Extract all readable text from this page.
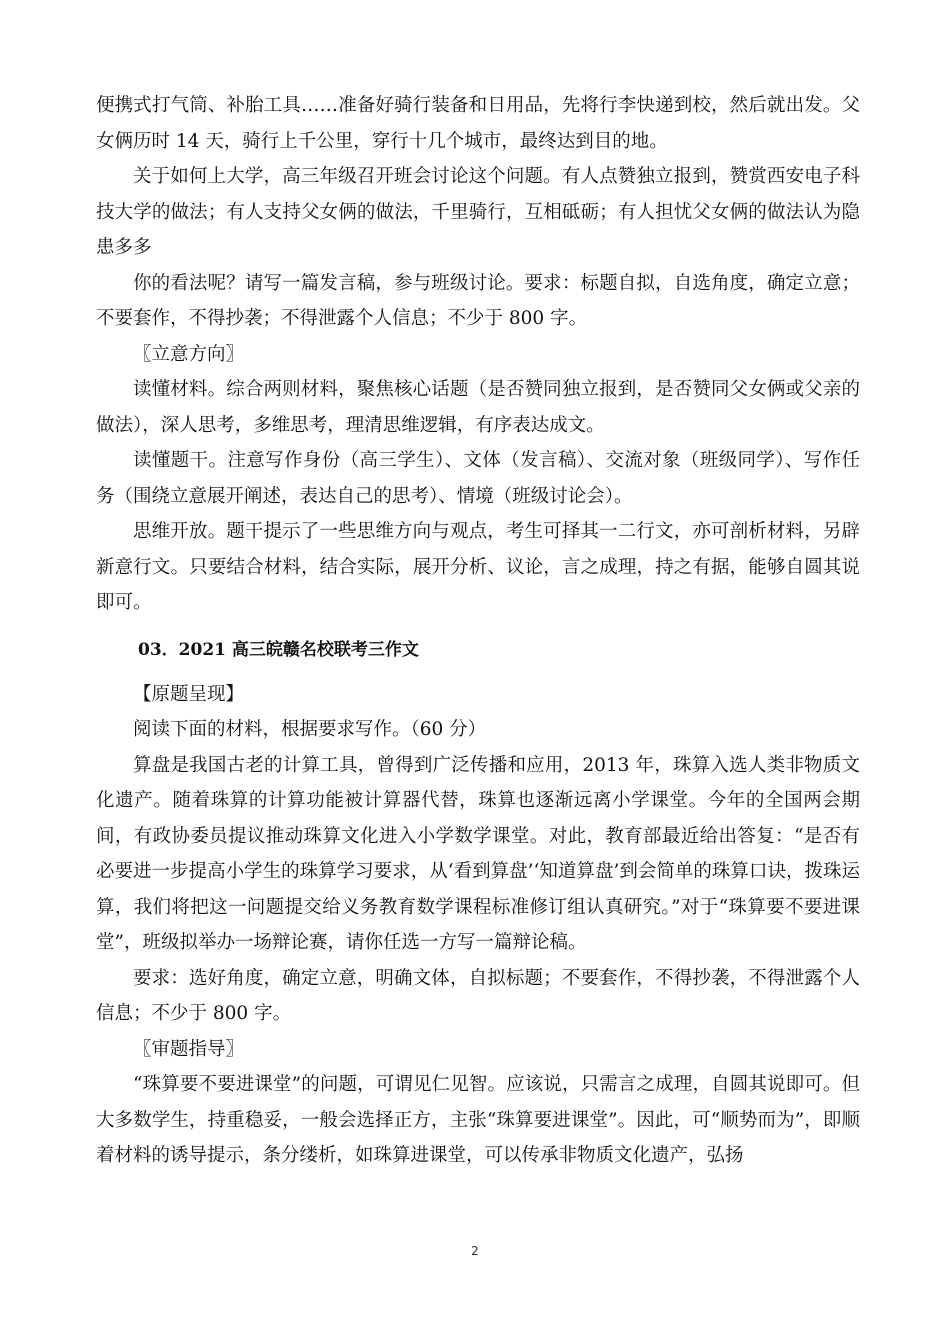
便携式打气筒、补胎工具……准备好骑行装备和日用品，先将行李快递到校，然后就出发。父女俩历时 14 天，骑行上千公里，穿行十几个城市，最终达到目的地。

关于如何上大学，高三年级召开班会讨论这个问题。有人点赞独立报到，赞赏西安电子科技大学的做法；有人支持父女俩的做法，千里骑行，互相砥砺；有人担忧父女俩的做法认为隐患多多

你的看法呢？请写一篇发言稿，参与班级讨论。要求：标题自拟，自选角度，确定立意；不要套作，不得抄袭；不得泄露个人信息；不少于 800 字。

〖立意方向〗

读懂材料。综合两则材料，聚焦核心话题（是否赞同独立报到，是否赞同父女俩或父亲的做法），深人思考，多维思考，理清思维逻辑，有序表达成文。

读懂题干。注意写作身份（高三学生）、文体（发言稿）、交流对象（班级同学）、写作任务（围绕立意展开阐述，表达自己的思考）、情境（班级讨论会）。

思维开放。题干提示了一些思维方向与观点，考生可择其一二行文，亦可剖析材料，另辟新意行文。只要结合材料，结合实际，展开分析、议论，言之成理，持之有据，能够自圆其说即可。

03．2021 高三皖赣名校联考三作文

【原题呈现】

阅读下面的材料，根据要求写作。（60 分）

算盘是我国古老的计算工具，曾得到广泛传播和应用，2013 年，珠算入选人类非物质文化遗产。随着珠算的计算功能被计算器代替，珠算也逐渐远离小学课堂。今年的全国两会期间，有政协委员提议推动珠算文化进入小学数学课堂。对此，教育部最近给出答复：“是否有必要进一步提高小学生的珠算学习要求，从‘看到算盘’‘知道算盘’到会简单的珠算口诀，拨珠运算，我们将把这一问题提交给义务教育数学课程标准修订组认真研究。”对于“珠算要不要进课堂”，班级拟举办一场辩论赛，请你任选一方写一篇辩论稿。

要求：选好角度，确定立意，明确文体，自拟标题；不要套作，不得抄袭，不得泄露个人信息；不少于 800 字。

〖审题指导〗

“珠算要不要进课堂”的问题，可谓见仁见智。应该说，只需言之成理，自圆其说即可。但大多数学生，持重稳妥，一般会选择正方，主张“珠算要进课堂”。因此，可“顺势而为”，即顺着材料的诱导提示，条分缕析，如珠算进课堂，可以传承非物质文化遗产，弘扬

2
